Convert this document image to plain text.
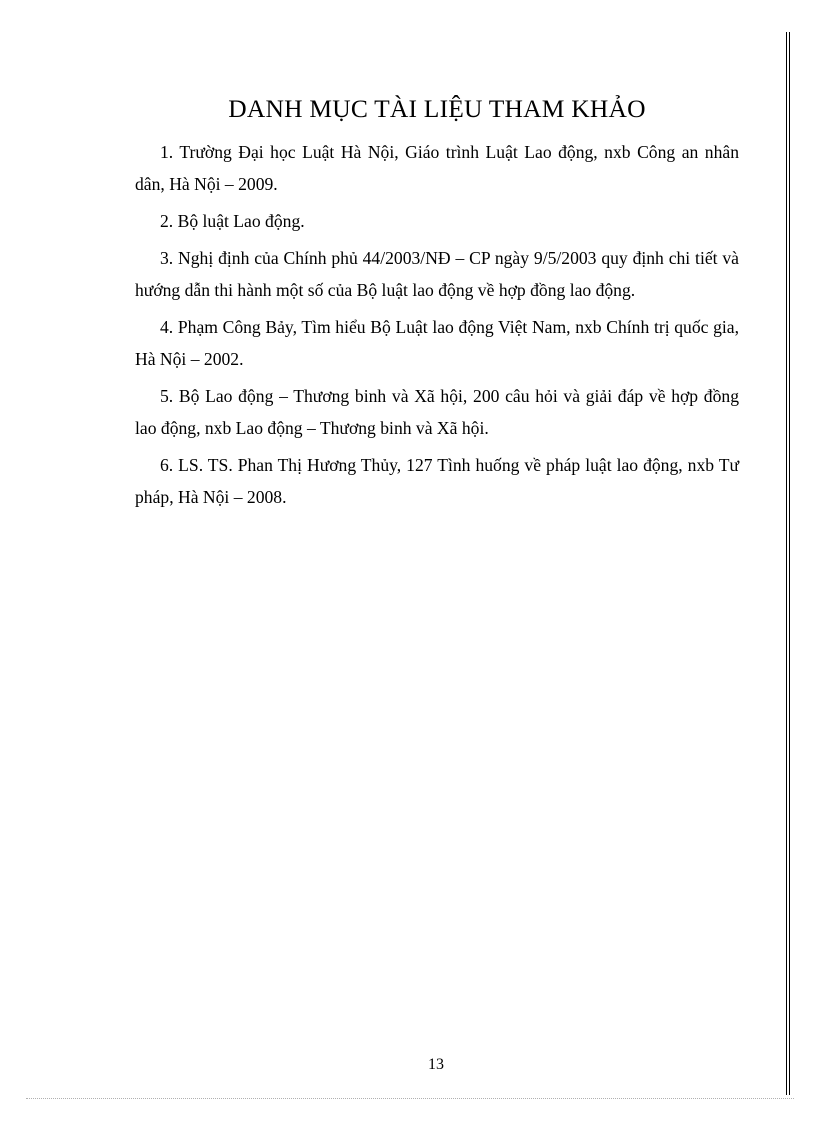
DANH MỤC TÀI LIỆU THAM KHẢO
1. Trường Đại học Luật Hà Nội, Giáo trình Luật Lao động, nxb Công an nhân dân, Hà Nội – 2009.
2. Bộ luật Lao động.
3. Nghị định của Chính phủ 44/2003/NĐ – CP ngày 9/5/2003 quy định chi tiết và hướng dẫn thi hành một số của Bộ luật lao động về hợp đồng lao động.
4. Phạm Công Bảy, Tìm hiểu Bộ Luật lao động Việt Nam, nxb Chính trị quốc gia, Hà Nội – 2002.
5. Bộ Lao động – Thương binh và Xã hội, 200 câu hỏi và giải đáp về hợp đồng lao động, nxb Lao động – Thương binh và Xã hội.
6. LS. TS. Phan Thị Hương Thủy, 127 Tình huống về pháp luật lao động, nxb Tư pháp, Hà Nội – 2008.
13
